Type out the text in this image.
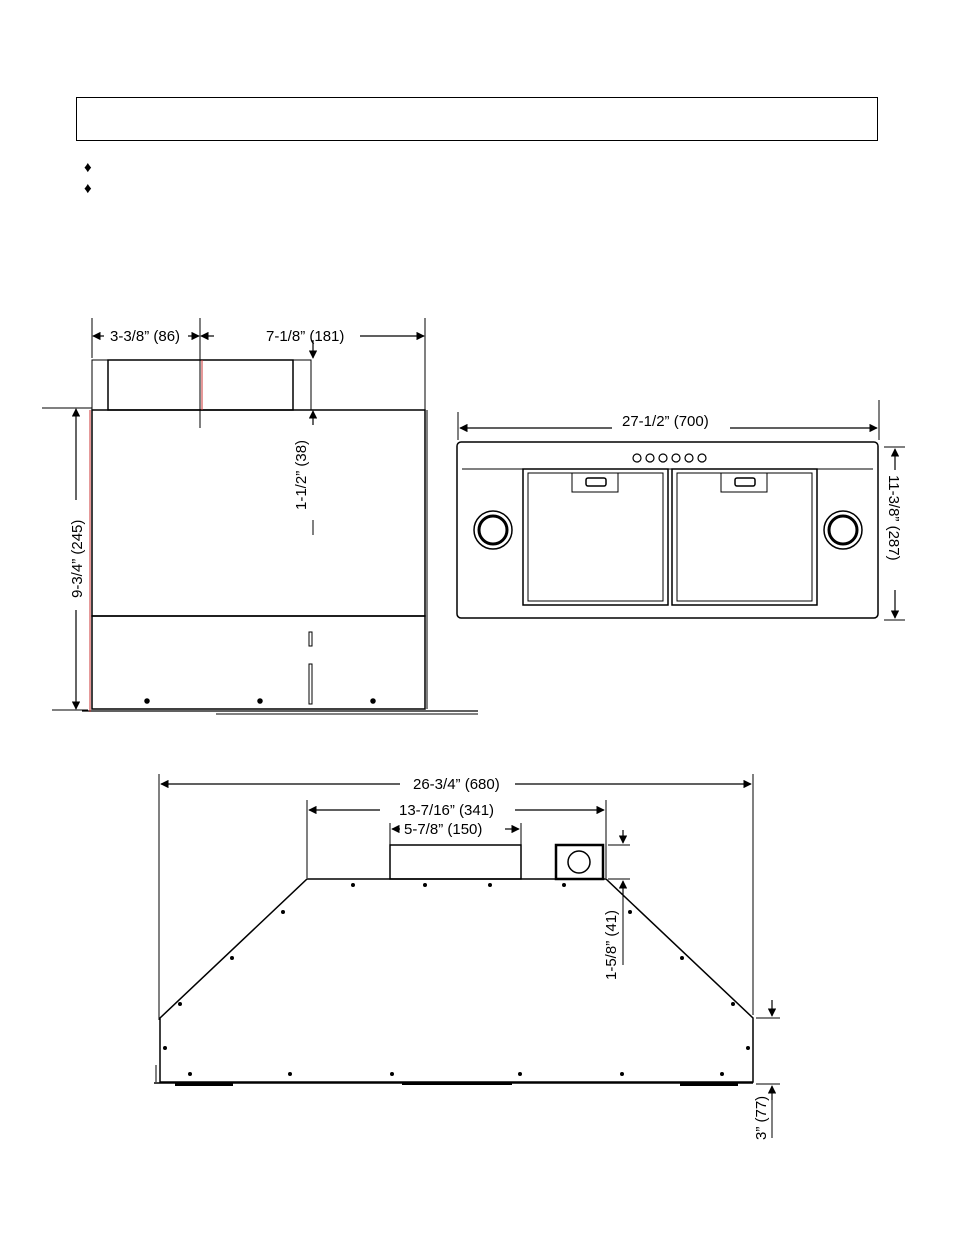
♦
♦
3-3/8” (86)	7-1/8” (181)
1-1/2” (38)
9-3/4” (245)
27-1/2” (700)
11-3/8” (287)
26-3/4” (680)
13-7/16” (341)
5-7/8” (150)
1-5/8” (41)
3” (77)
